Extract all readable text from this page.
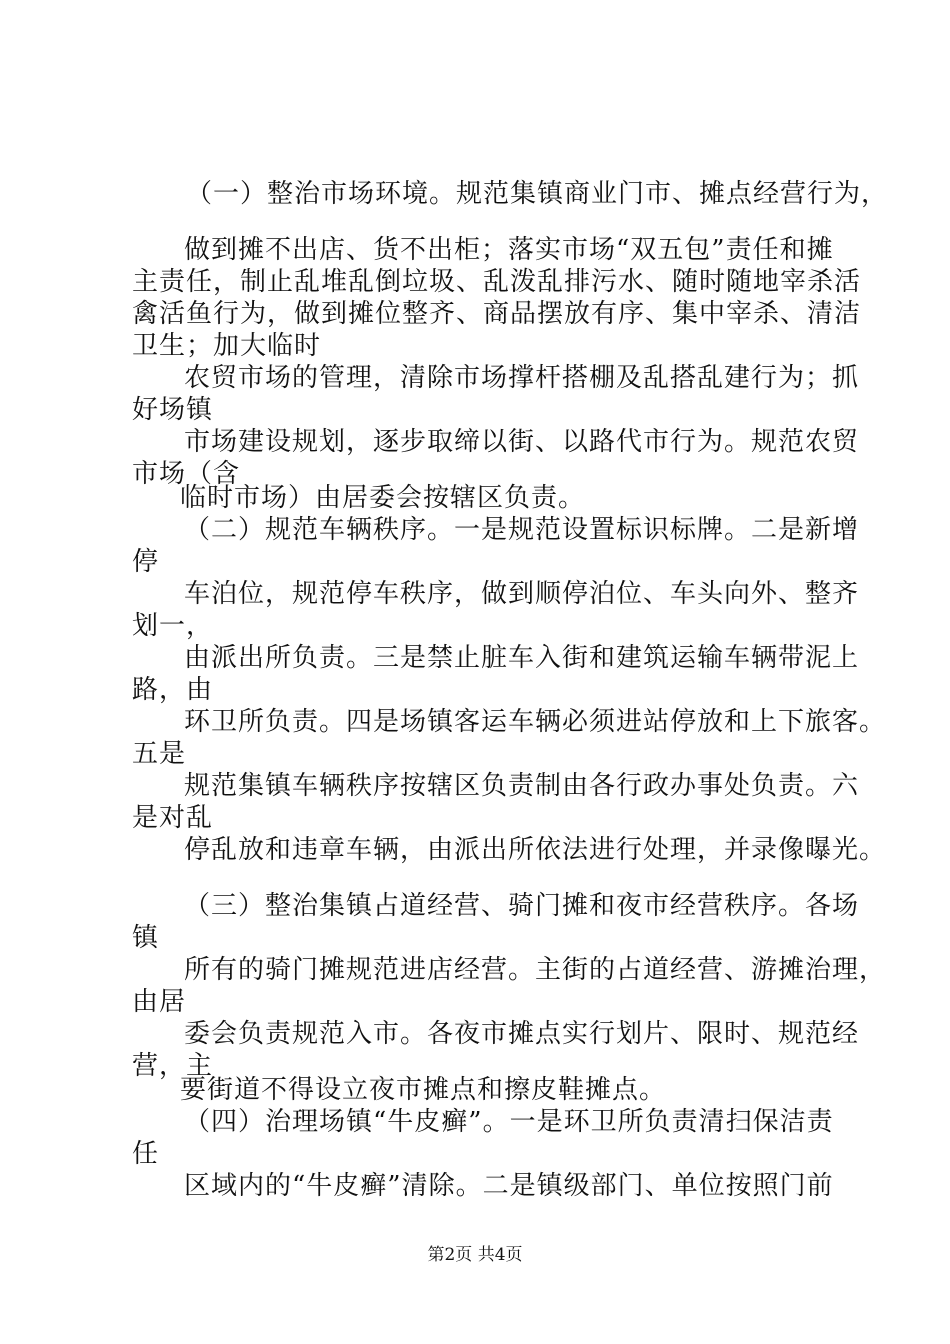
（一）整治市场环境。规范集镇商业门市、摊点经营行为，
做到摊不出店、货不出柜；落实市场“双五包”责任和摊
主责任，制止乱堆乱倒垃圾、乱泼乱排污水、随时随地宰杀活
禽活鱼行为，做到摊位整齐、商品摆放有序、集中宰杀、清洁
卫生；加大临时
农贸市场的管理，清除市场撑杆搭棚及乱搭乱建行为；抓
好场镇
市场建设规划，逐步取缔以街、以路代市行为。规范农贸
市场（含
临时市场）由居委会按辖区负责。
（二）规范车辆秩序。一是规范设置标识标牌。二是新增
停
车泊位，规范停车秩序，做到顺停泊位、车头向外、整齐
划一，
由派出所负责。三是禁止脏车入街和建筑运输车辆带泥上
路，由
环卫所负责。四是场镇客运车辆必须进站停放和上下旅客。
五是
规范集镇车辆秩序按辖区负责制由各行政办事处负责。六
是对乱
停乱放和违章车辆，由派出所依法进行处理，并录像曝光。
（三）整治集镇占道经营、骑门摊和夜市经营秩序。各场
镇
所有的骑门摊规范进店经营。主街的占道经营、游摊治理，
由居
委会负责规范入市。各夜市摊点实行划片、限时、规范经
营，主
要街道不得设立夜市摊点和擦皮鞋摊点。
（四）治理场镇“牛皮癣”。一是环卫所负责清扫保洁责
任
区域内的“牛皮癣”清除。二是镇级部门、单位按照门前
第2页 共4页
